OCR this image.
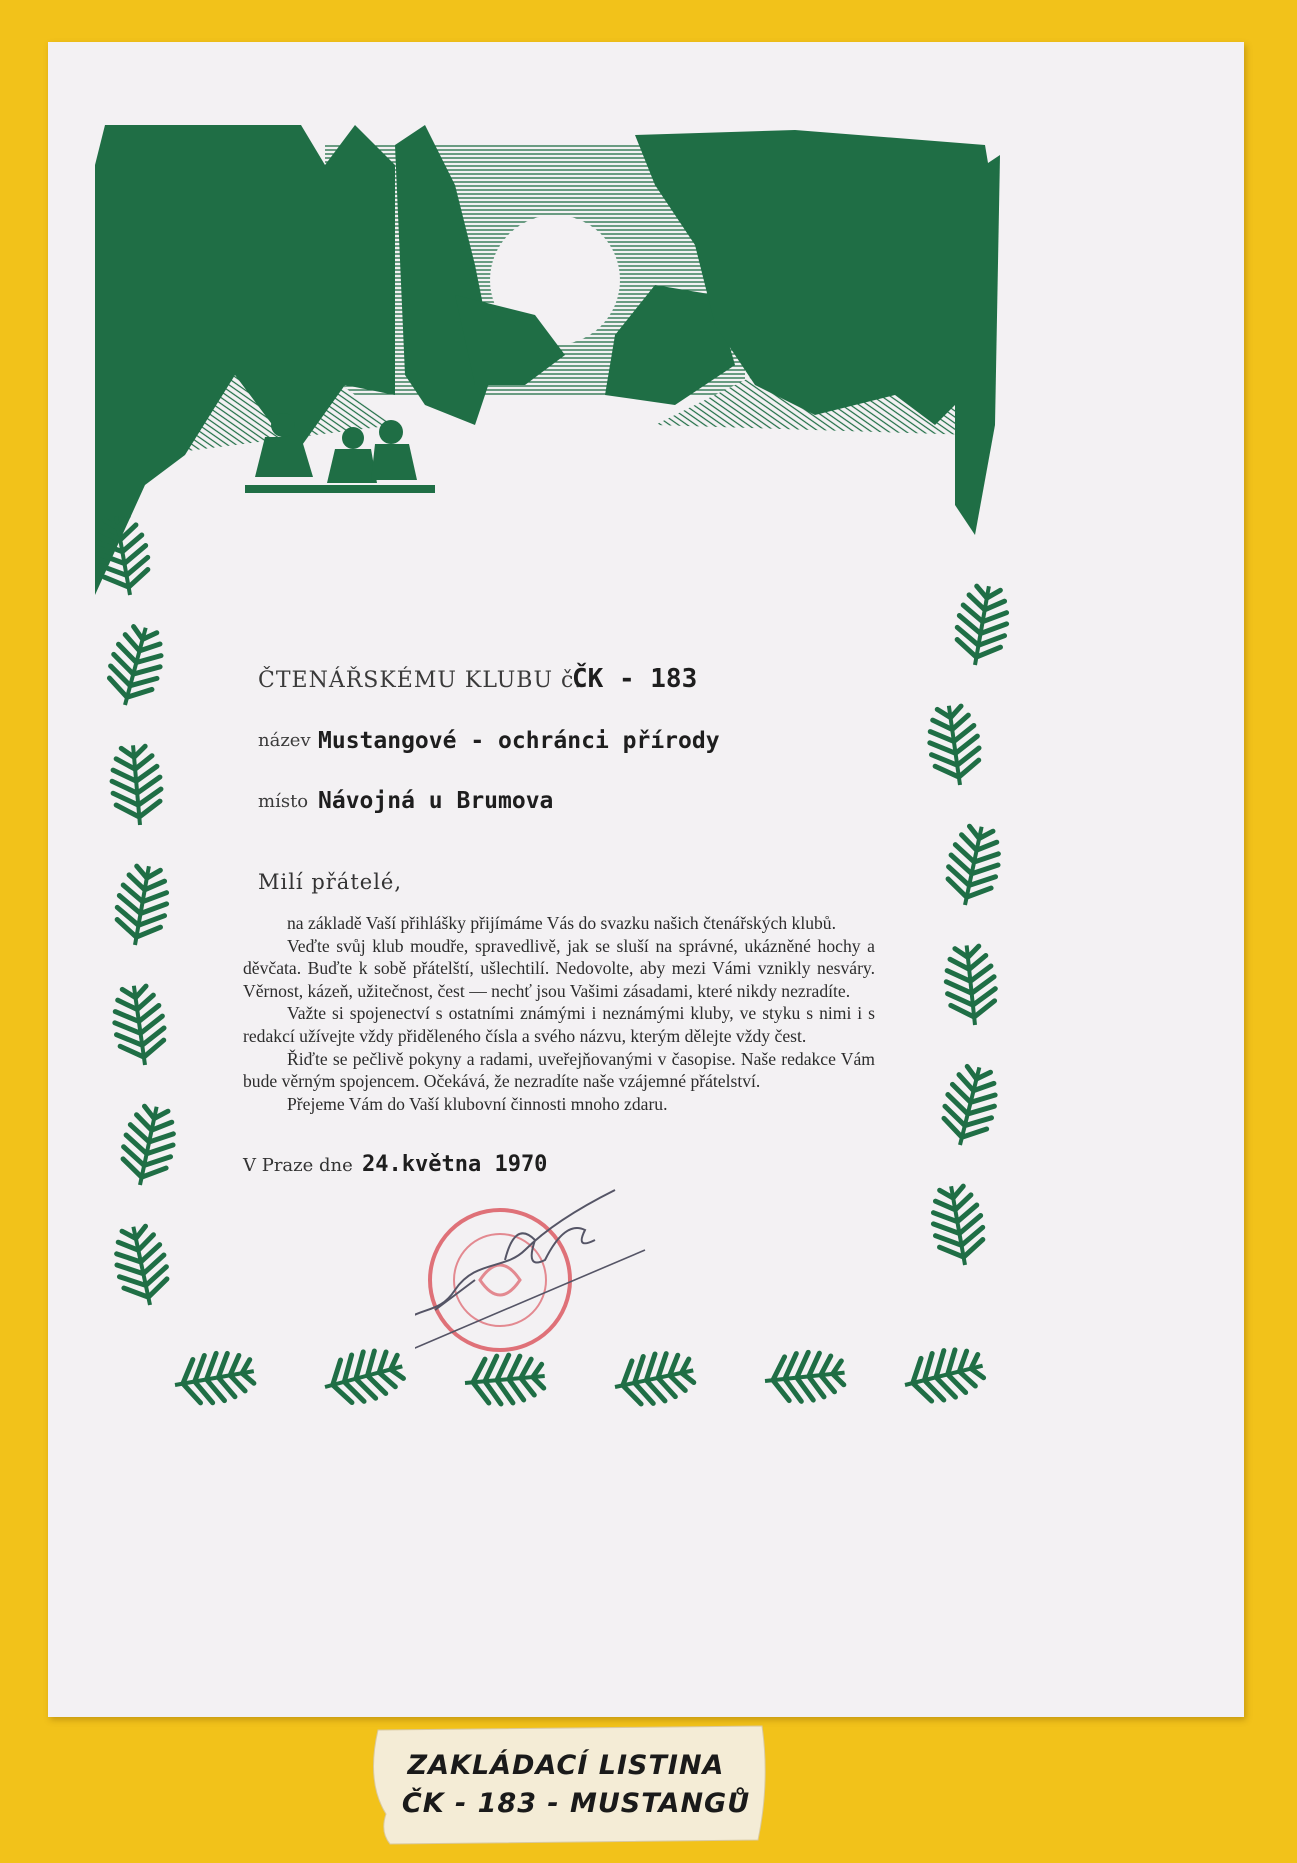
ČTENÁŘSKÉMU KLUBU č.
ČK - 183
název Mustangové - ochránci přírody
místo Návojná u Brumova
Milí přátelé,

na základě Vaší přihlášky přijímáme Vás do svazku našich čtenářských klubů.

Veďte svůj klub moudře, spravedlivě, jak se sluší na správné, ukázněné hochy a děvčata. Buďte k sobě přátelští, ušlechtilí. Nedovolte, aby mezi Vámi vznikly nesváry. Věrnost, kázeň, užitečnost, čest — nechť jsou Vašimi zásadami, které nikdy nezradíte.

Važte si spojenectví s ostatními známými i neznámými kluby, ve styku s nimi i s redakcí užívejte vždy přiděleného čísla a svého názvu, kterým dělejte vždy čest.

Řiďte se pečlivě pokyny a radami, uveřejňovanými v časopise. Naše redakce Vám bude věrným spojencem. Očekává, že nezradíte naše vzájemné přátelství.

Přejeme Vám do Vaší klubovní činnosti mnoho zdaru.

V Praze dne 24.května 1970
ZAKLÁDACÍ LISTINA
ČK - 183 - MUSTANGŮ
